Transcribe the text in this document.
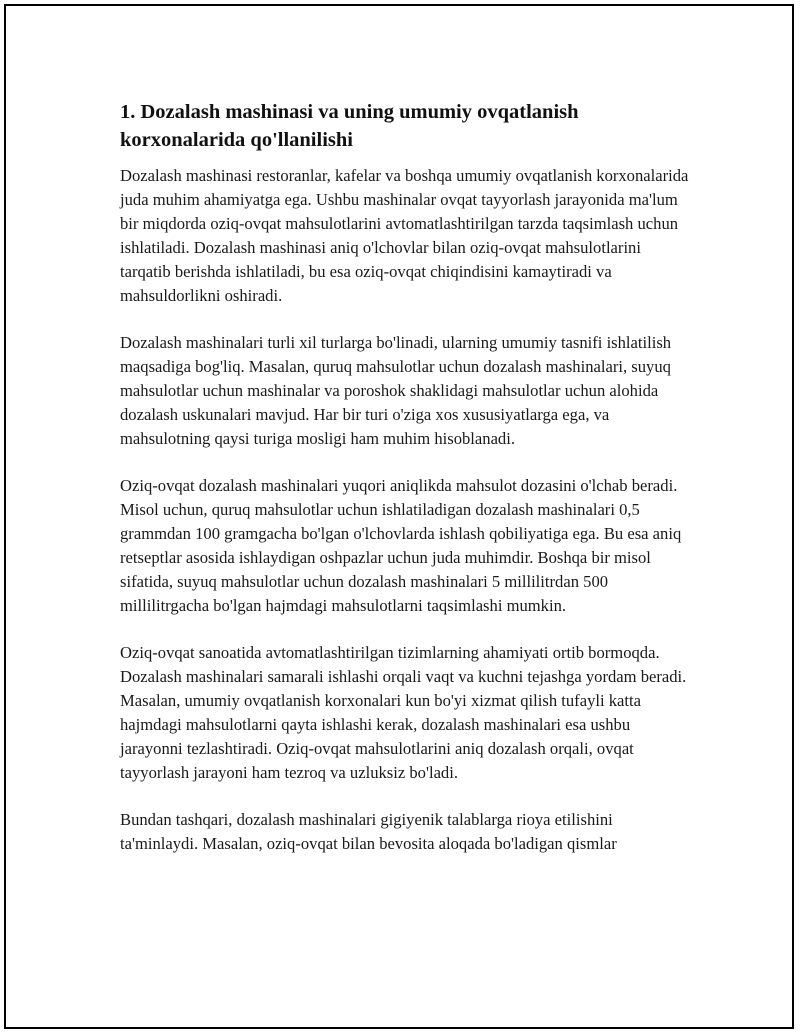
1. Dozalash mashinasi va uning umumiy ovqatlanish korxonalarida qo'llanilishi

Dozalash mashinasi restoranlar, kafelar va boshqa umumiy ovqatlanish korxonalarida juda muhim ahamiyatga ega. Ushbu mashinalar ovqat tayyorlash jarayonida ma'lum bir miqdorda oziq-ovqat mahsulotlarini avtomatlashtirilgan tarzda taqsimlash uchun ishlatiladi. Dozalash mashinasi aniq o'lchovlar bilan oziq-ovqat mahsulotlarini tarqatib berishda ishlatiladi, bu esa oziq-ovqat chiqindisini kamaytiradi va mahsuldorlikni oshiradi.

Dozalash mashinalari turli xil turlarga bo'linadi, ularning umumiy tasnifi ishlatilish maqsadiga bog'liq. Masalan, quruq mahsulotlar uchun dozalash mashinalari, suyuq mahsulotlar uchun mashinalar va poroshok shaklidagi mahsulotlar uchun alohida dozalash uskunalari mavjud. Har bir turi o'ziga xos xususiyatlarga ega, va mahsulotning qaysi turiga mosligi ham muhim hisoblanadi.

Oziq-ovqat dozalash mashinalari yuqori aniqlikda mahsulot dozasini o'lchab beradi. Misol uchun, quruq mahsulotlar uchun ishlatiladigan dozalash mashinalari 0,5 grammdan 100 gramgacha bo'lgan o'lchovlarda ishlash qobiliyatiga ega. Bu esa aniq retseptlar asosida ishlaydigan oshpazlar uchun juda muhimdir. Boshqa bir misol sifatida, suyuq mahsulotlar uchun dozalash mashinalari 5 millilitrdan 500 millilitrgacha bo'lgan hajmdagi mahsulotlarni taqsimlashi mumkin.

Oziq-ovqat sanoatida avtomatlashtirilgan tizimlarning ahamiyati ortib bormoqda. Dozalash mashinalari samarali ishlashi orqali vaqt va kuchni tejashga yordam beradi. Masalan, umumiy ovqatlanish korxonalari kun bo'yi xizmat qilish tufayli katta hajmdagi mahsulotlarni qayta ishlashi kerak, dozalash mashinalari esa ushbu jarayonni tezlashtiradi. Oziq-ovqat mahsulotlarini aniq dozalash orqali, ovqat tayyorlash jarayoni ham tezroq va uzluksiz bo'ladi.

Bundan tashqari, dozalash mashinalari gigiyenik talablarga rioya etilishini ta'minlaydi. Masalan, oziq-ovqat bilan bevosita aloqada bo'ladigan qismlar
